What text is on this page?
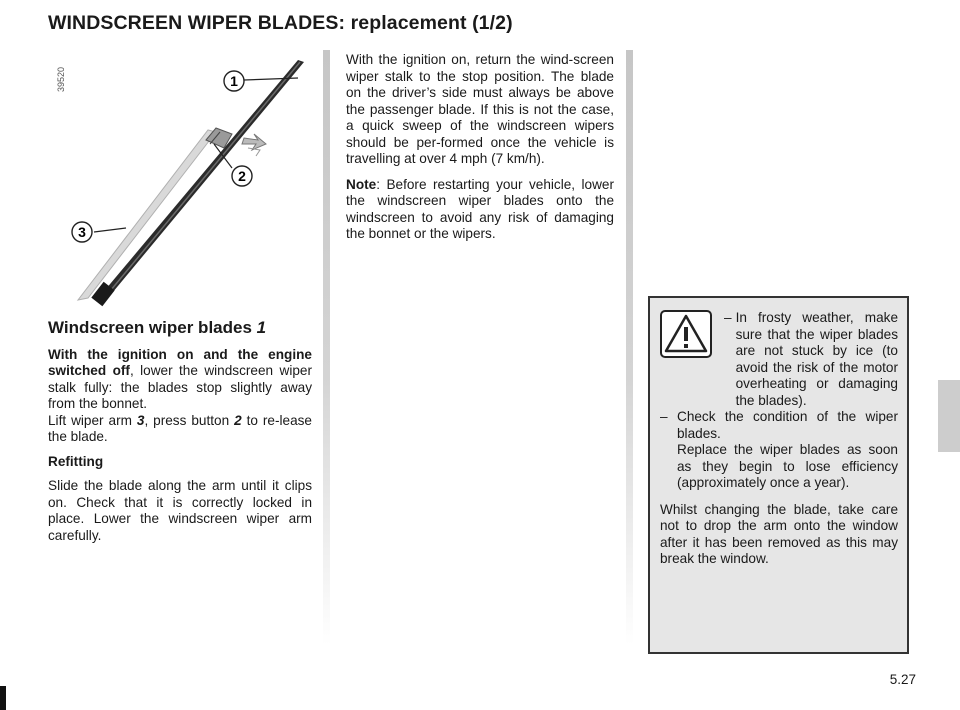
WINDSCREEN WIPER BLADES: replacement (1/2)
39520	1
2
3
Windscreen wiper blades 1

With the ignition on and the engine switched off, lower the windscreen wiper stalk fully: the blades stop slightly away from the bonnet.
Lift wiper arm 3, press button 2 to re-lease the blade.

Refitting

Slide the blade along the arm until it clips on. Check that it is correctly locked in place. Lower the windscreen wiper arm carefully.

With the ignition on, return the wind-screen wiper stalk to the stop position. The blade on the driver’s side must always be above the passenger blade. If this is not the case, a quick sweep of the windscreen wipers should be per-formed once the vehicle is travelling at over 4 mph (7 km/h).

Note: Before restarting your vehicle, lower the windscreen wiper blades onto the windscreen to avoid any risk of damaging the bonnet or the wipers.

– In frosty weather, make sure that the wiper blades are not stuck by ice (to avoid the risk of the motor overheating or damaging the blades).
– Check the condition of the wiper blades.
Replace the wiper blades as soon as they begin to lose efficiency (approximately once a year).
Whilst changing the blade, take care not to drop the arm onto the window after it has been removed as this may break the window.
5.27
